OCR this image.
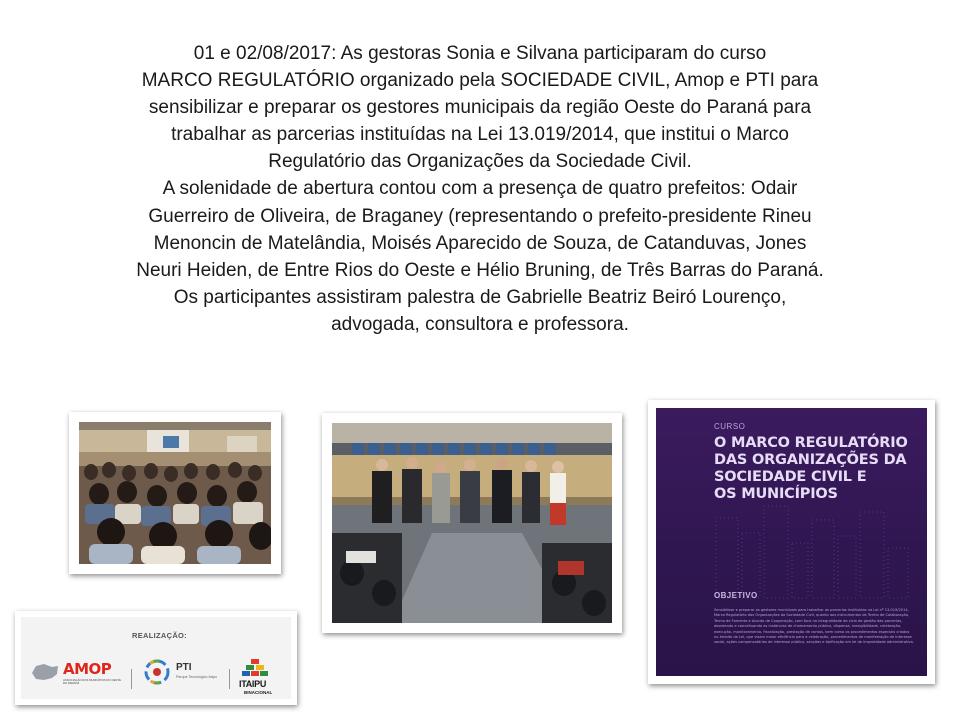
01 e 02/08/2017: As gestoras Sonia e Silvana participaram do curso

MARCO REGULATÓRIO organizado pela SOCIEDADE CIVIL, Amop e PTI para

sensibilizar e preparar os gestores municipais da região Oeste do Paraná para

trabalhar as parcerias instituídas na Lei 13.019/2014, que institui o Marco

Regulatório das Organizações da Sociedade Civil.

A solenidade de abertura contou com a presença de quatro prefeitos: Odair

Guerreiro de Oliveira, de Braganey (representando o prefeito-presidente Rineu

Menoncin de Matelândia, Moisés Aparecido de Souza, de Catanduvas, Jones

Neuri Heiden, de Entre Rios do Oeste e Hélio Bruning, de Três Barras do Paraná.

Os participantes assistiram palestra de Gabrielle Beatriz Beiró Lourenço,

advogada, consultora e professora.

CURSO
O MARCO REGULATÓRIO
DAS ORGANIZAÇÕES DA
SOCIEDADE CIVIL E
OS MUNICÍPIOS
OBJETIVO
Sensibilizar e preparar os gestores municipais para trabalhar as parcerias instituídas na Lei nº 13.019/2014, Marco Regulatório das Organizações da Sociedade Civil, quanto aos instrumentos de Termo de Colaboração, Termo de Fomento e Acordo de Cooperação, com foco na integralidade do ciclo de gestão das parcerias, abordando e conceituando as instâncias de chamamento público, dispensa, inexigibilidade, celebração, execução, monitoramento, fiscalização, prestação de contas, bem como os procedimentos especiais criados no âmbito da Lei, que visam maior eficiência para a celebração, procedimentos de manifestação de interesse social, ações compensatórias de interesse público, sanções e tipificação em lei de improbidade administrativa.
REALIZAÇÃO:
AMOP
ASSOCIAÇÃO DOS MUNICÍPIOS DO OESTE DO PARANÁ
PTI
Parque Tecnológico Itaipu
ITAIPU
BINACIONAL
